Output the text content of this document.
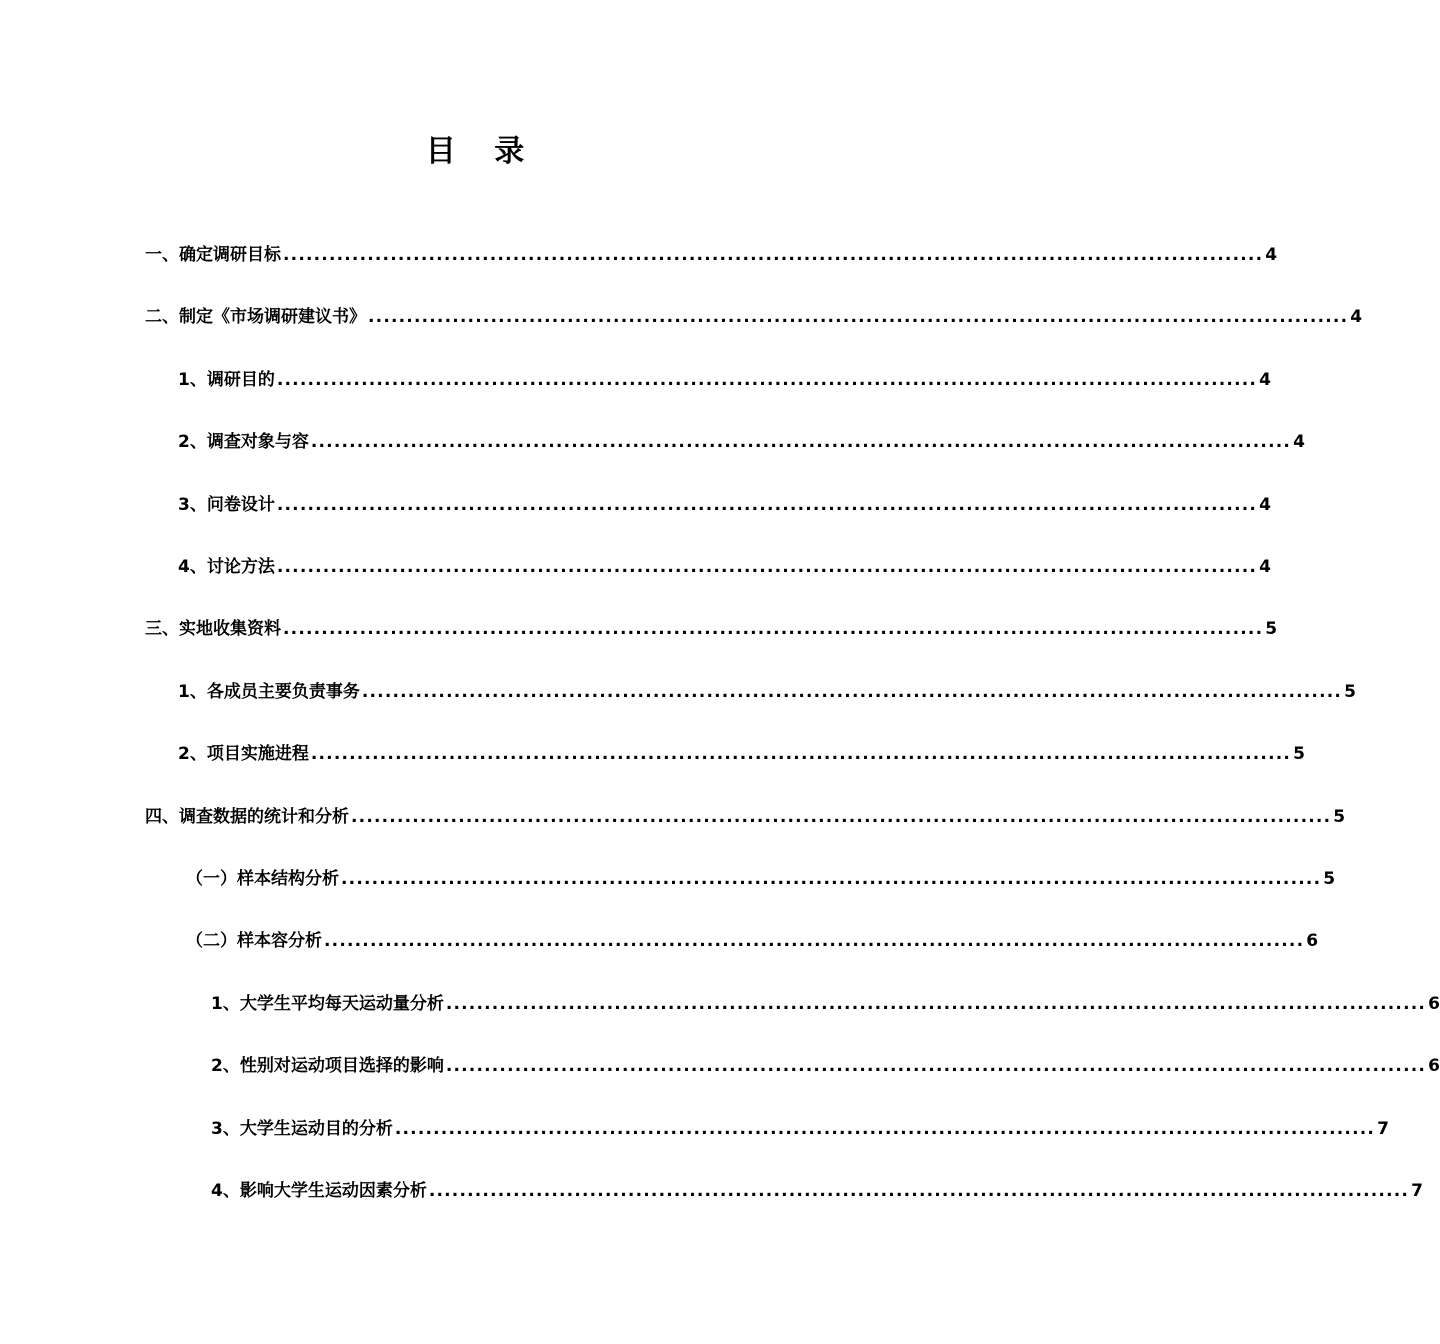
目 录
一、确定调研目标 ................................................................................................................................ 4
二、制定《市场调研建议书》 ................................................................................................................................ 4
1、调研目的 ................................................................................................................................ 4
2、调查对象与容 ................................................................................................................................ 4
3、问卷设计 ................................................................................................................................ 4
4、讨论方法 ................................................................................................................................ 4
三、实地收集资料 ................................................................................................................................ 5
1、各成员主要负责事务 ................................................................................................................................ 5
2、项目实施进程 ................................................................................................................................ 5
四、调查数据的统计和分析 ................................................................................................................................ 5
（一）样本结构分析 ................................................................................................................................ 5
（二）样本容分析 ................................................................................................................................ 6
1、大学生平均每天运动量分析 ................................................................................................................................ 6
2、性别对运动项目选择的影响 ................................................................................................................................ 6
3、大学生运动目的分析 ................................................................................................................................ 7
4、影响大学生运动因素分析 ................................................................................................................................ 7
